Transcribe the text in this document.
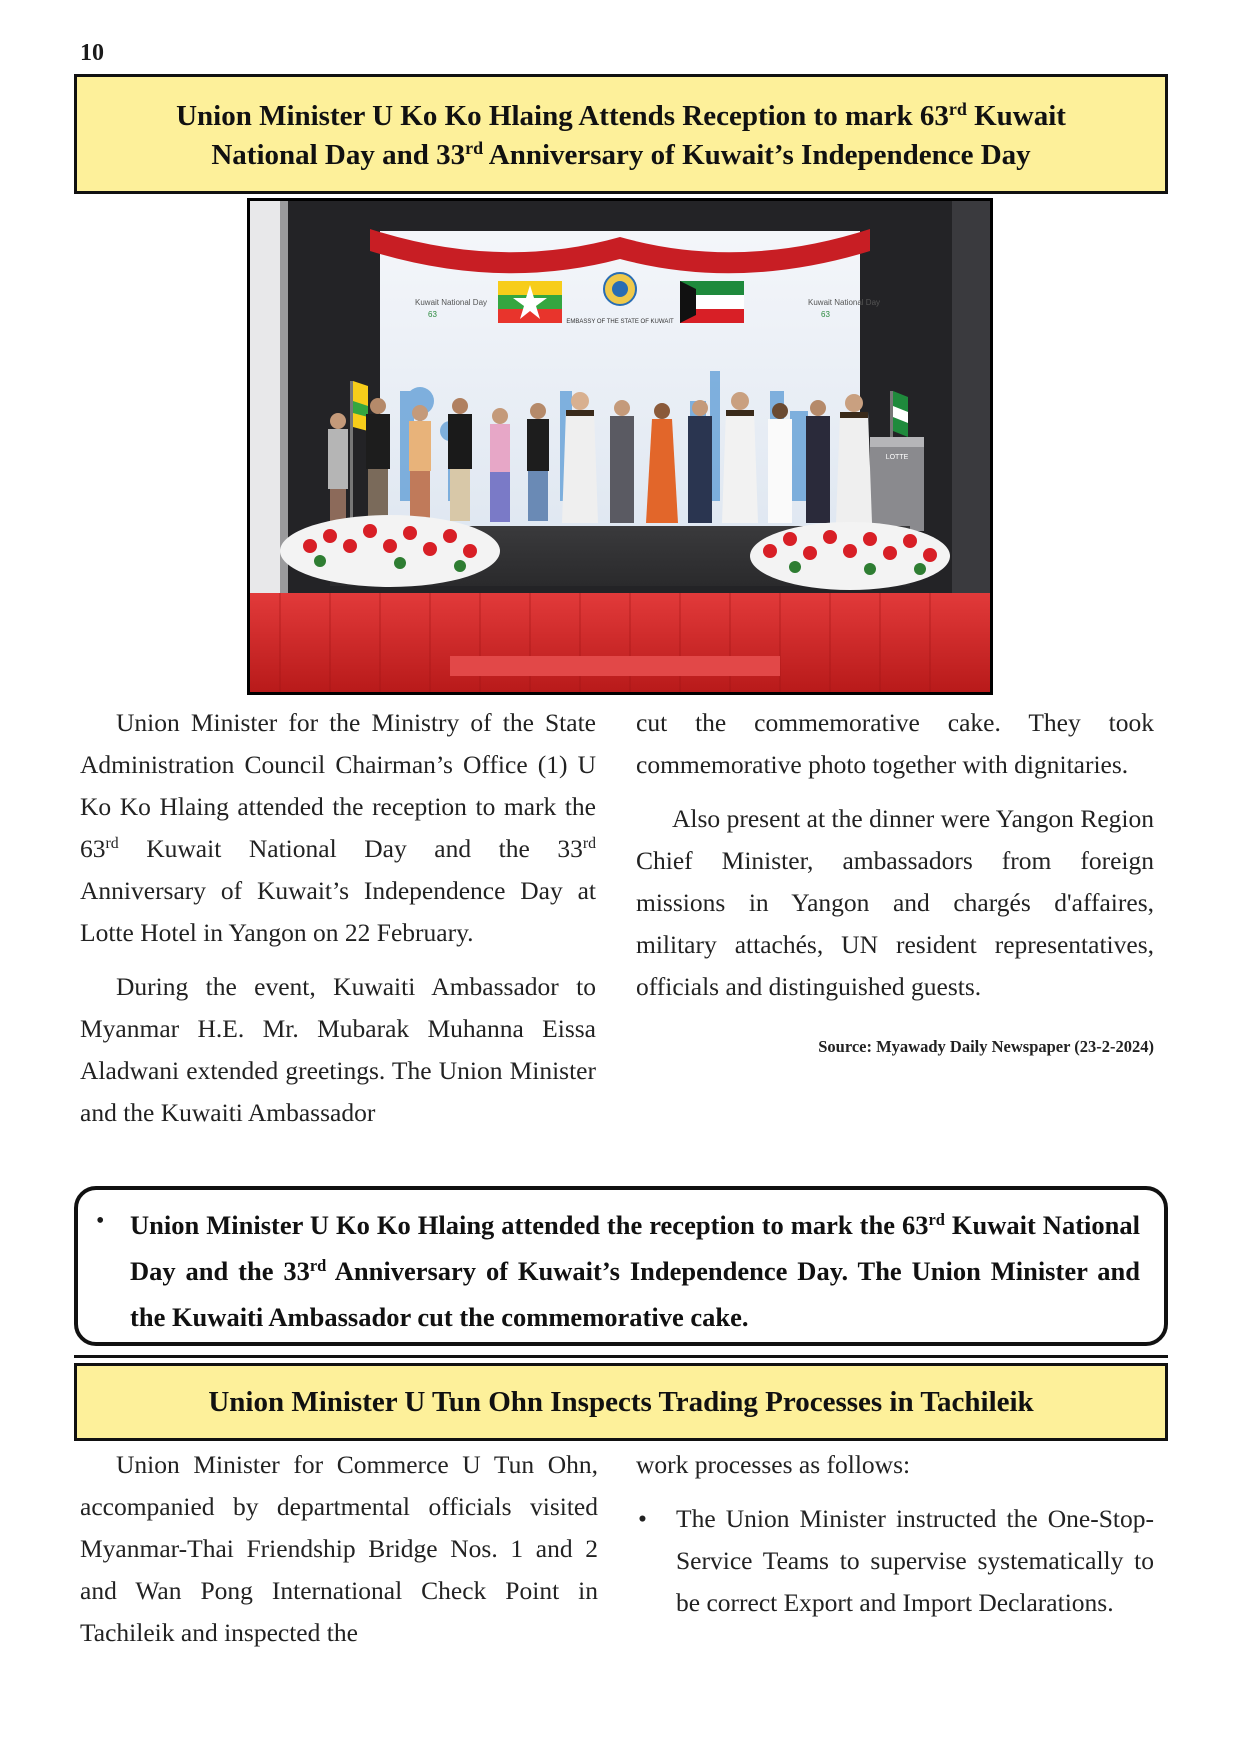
10
Union Minister U Ko Ko Hlaing Attends Reception to mark 63rd Kuwait
National Day and 33rd Anniversary of Kuwait’s Independence Day
Kuwait National Day
63
Kuwait National Day
63
EMBASSY OF THE STATE OF KUWAIT
LOTTE

Union Minister for the Ministry of the State Administration Council Chairman’s Office (1) U Ko Ko Hlaing attended the reception to mark the 63rd Kuwait National Day and the 33rd Anniversary of Kuwait’s Independence Day at Lotte Hotel in Yangon on 22 February.

During the event, Kuwaiti Ambassador to Myanmar H.E. Mr. Mubarak Muhanna Eissa Aladwani extended greetings. The Union Minister and the Kuwaiti Ambassador

cut the commemorative cake. They took commemorative photo together with dignitaries.

Also present at the dinner were Yangon Region Chief Minister, ambassadors from foreign missions in Yangon and chargés d'affaires, military attachés, UN resident representatives, officials and distinguished guests.

Source: Myawady Daily Newspaper (23-2-2024)
• Union Minister U Ko Ko Hlaing attended the reception to mark the 63rd Kuwait National Day and the 33rd Anniversary of Kuwait’s Independence Day. The Union Minister and the Kuwaiti Ambassador cut the commemorative cake.
Union Minister U Tun Ohn Inspects Trading Processes in Tachileik

Union Minister for Commerce U Tun Ohn, accompanied by departmental officials visited Myanmar-Thai Friendship Bridge Nos. 1 and 2 and Wan Pong International Check Point in Tachileik and inspected the

work processes as follows:

• The Union Minister instructed the One-Stop-Service Teams to supervise systematically to be correct Export and Import Declarations.
